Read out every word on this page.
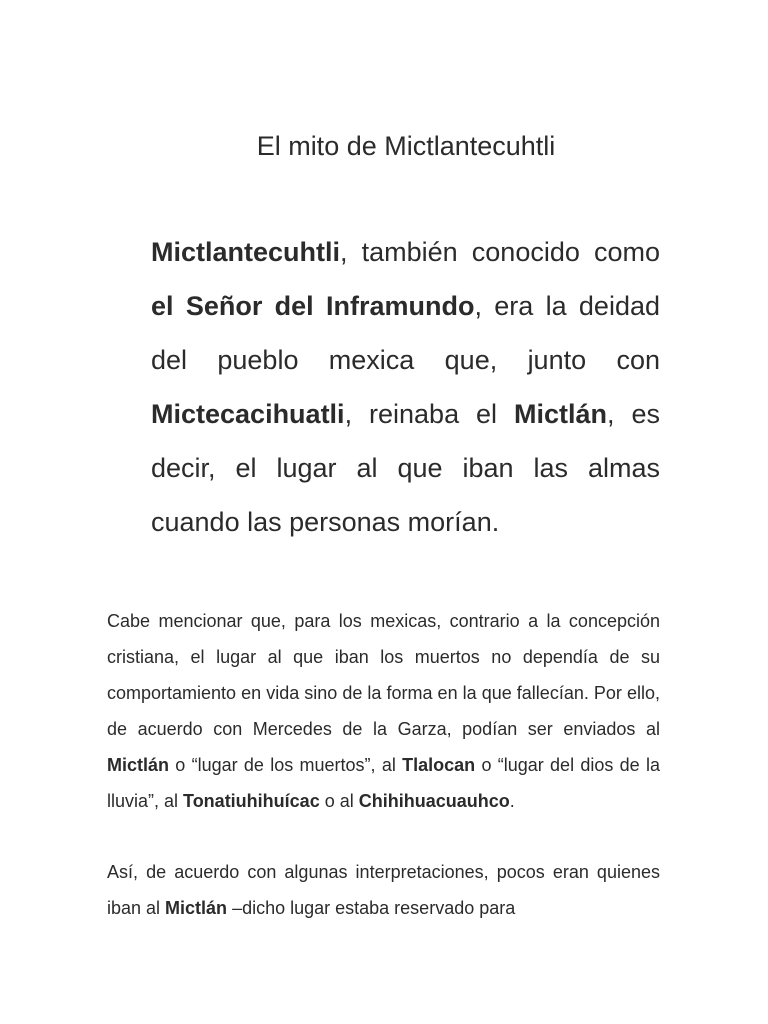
El mito de Mictlantecuhtli

Mictlantecuhtli, también conocido como el Señor del Inframundo, era la deidad del pueblo mexica que, junto con Mictecacihuatli, reinaba el Mictlán, es decir, el lugar al que iban las almas cuando las personas morían.

Cabe mencionar que, para los mexicas, contrario a la concepción cristiana, el lugar al que iban los muertos no dependía de su comportamiento en vida sino de la forma en la que fallecían. Por ello, de acuerdo con Mercedes de la Garza, podían ser enviados al Mictlán o “lugar de los muertos”, al Tlalocan o “lugar del dios de la lluvia”, al Tonatiuhihuícac o al Chihihuacuauhco.

Así, de acuerdo con algunas interpretaciones, pocos eran quienes iban al Mictlán –dicho lugar estaba reservado para
